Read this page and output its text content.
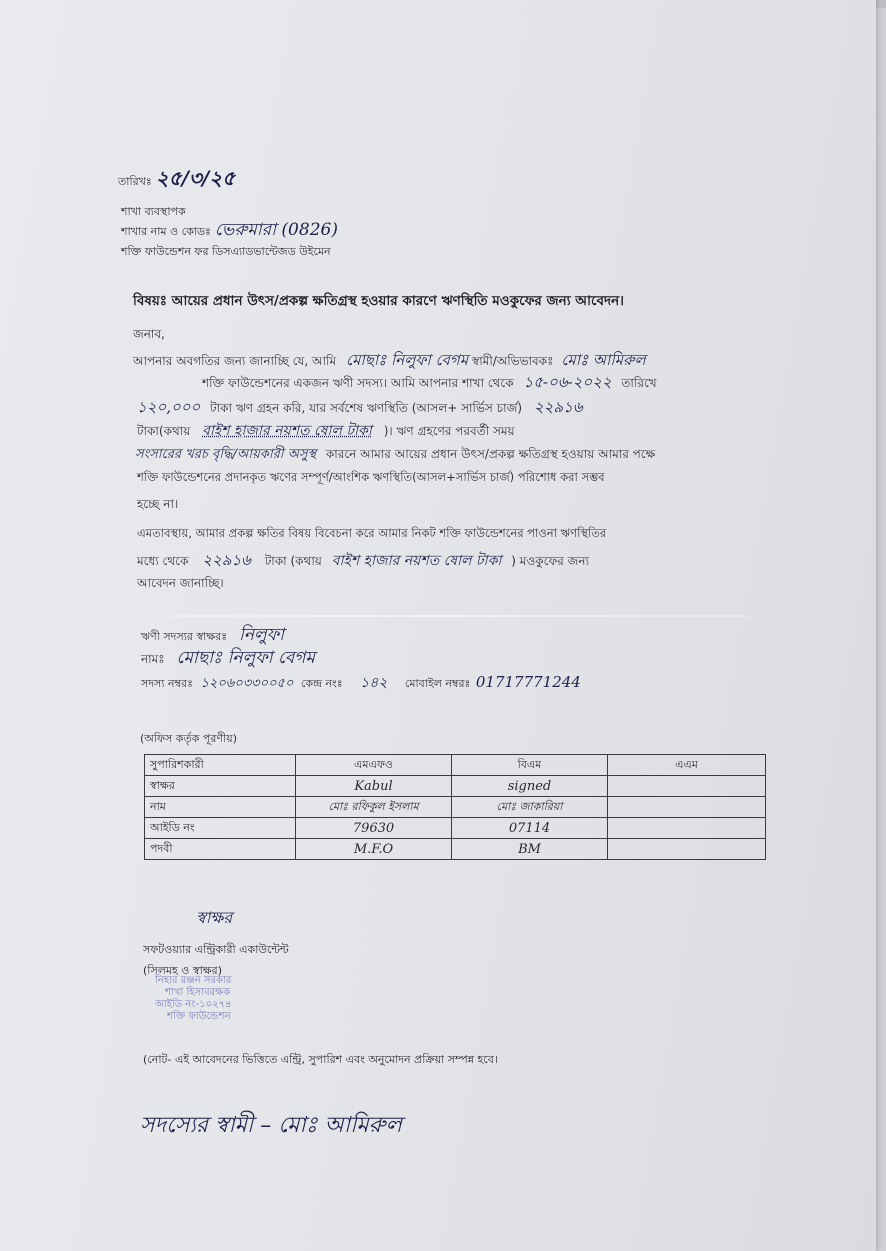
তারিখঃ ২৫/৩/২৫
শাখা ব্যবস্থাপক
শাখার নাম ও কোডঃ ভেরুমারা (0826)
শক্তি ফাউন্ডেশন ফর ডিসএ্যাডভান্টেজড উইমেন
বিষয়ঃ আয়ের প্রধান উৎস/প্রকল্প ক্ষতিগ্রস্থ হওয়ার কারণে ঋণস্থিতি মওকুফের জন্য আবেদন।
জনাব,
আপনার অবগতির জন্য জানাচ্ছি যে, আমি মোছাঃ নিলুফা বেগম স্বামী/অভিভাবকঃ মোঃ আমিরুল
শক্তি ফাউন্ডেশনের একজন ঋণী সদস্য। আমি আপনার শাখা থেকে ১৫-০৬-২০২২ তারিখে
১২০,০০০ টাকা ঋণ গ্রহন করি, যার সর্বশেষ ঋণস্থিতি (আসল+ সার্ভিস চার্জ) ২২৯১৬
টাকা(কথায় বাইশ হাজার নয়শত ষোল টাকা )। ঋণ গ্রহণের পরবর্তী সময়
সংসারের খরচ বৃদ্ধি/আয়কারী অসুস্থ কারনে আমার আয়ের প্রধান উৎস/প্রকল্প ক্ষতিগ্রস্থ হওয়ায় আমার পক্ষে
শক্তি ফাউন্ডেশনের প্রদানকৃত ঋণের সম্পূর্ণ/আংশিক ঋণস্থিতি(আসল+সার্ভিস চার্জ) পরিশোধ করা সম্ভব
হচ্ছে না।
এমতাবস্থায়, আমার প্রকল্প ক্ষতির বিষয় বিবেচনা করে আমার নিকট শক্তি ফাউন্ডেশনের পাওনা ঋণস্থিতির
মধ্যে থেকে ২২৯১৬ টাকা (কথায় বাইশ হাজার নয়শত ষোল টাকা ) মওকুফের জন্য
আবেদন জানাচ্ছি।
ঋণী সদস্যর স্বাক্ষরঃ নিলুফা
নামঃ মোছাঃ নিলুফা বেগম
সদস্য নম্বরঃ ১২০৬০৩৩০০৫০ কেন্দ্র নংঃ ১৪২ মোবাইল নম্বরঃ 01717771244
(অফিস কর্তৃক পূরণীয়)
সুপারিশকারী	এমএফও	বিএম	এএম
স্বাক্ষর	Kabul	signed	
নাম	মোঃ রফিকুল ইসলাম	মোঃ জাকারিয়া	
আইডি নং	79630	07114	
পদবী	M.F.O	BM	
স্বাক্ষর
সফটওয়্যার এন্ট্রিকারী একাউন্টেন্ট
(সিলমহ ও স্বাক্ষর)
নিহার রঞ্জন সরকার
শাখা হিসাবরক্ষক
আইডি নং-১০২৭৪
শক্তি ফাউন্ডেশন
(নোট- এই আবেদনের ভিত্তিতে এন্ট্রি, সুপারিশ এবং অনুমোদন প্রক্রিয়া সম্পন্ন হবে।
সদস্যের স্বামী – মোঃ আমিরুল
